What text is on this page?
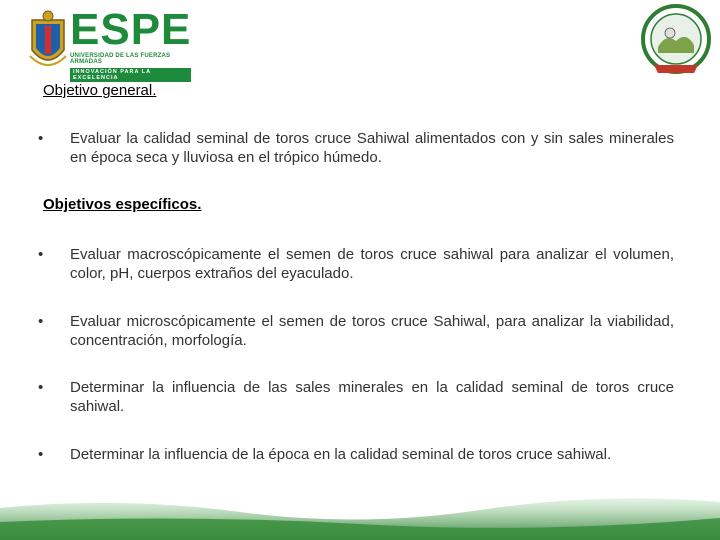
ESPE
UNIVERSIDAD DE LAS FUERZAS ARMADAS
INNOVACIÓN PARA LA EXCELENCIA
ESPE
Objetivo general.
• Evaluar la calidad seminal de toros cruce Sahiwal alimentados con y sin sales minerales en época seca y lluviosa en el trópico húmedo.
Objetivos específicos.
• Evaluar macroscópicamente el semen de toros cruce sahiwal para analizar el volumen, color, pH, cuerpos extraños del eyaculado.
• Evaluar microscópicamente el semen de toros cruce Sahiwal, para analizar la viabilidad, concentración, morfología.
• Determinar la influencia de las sales minerales en la calidad seminal de toros cruce sahiwal.
• Determinar la influencia de la época en la calidad seminal de toros cruce sahiwal.
